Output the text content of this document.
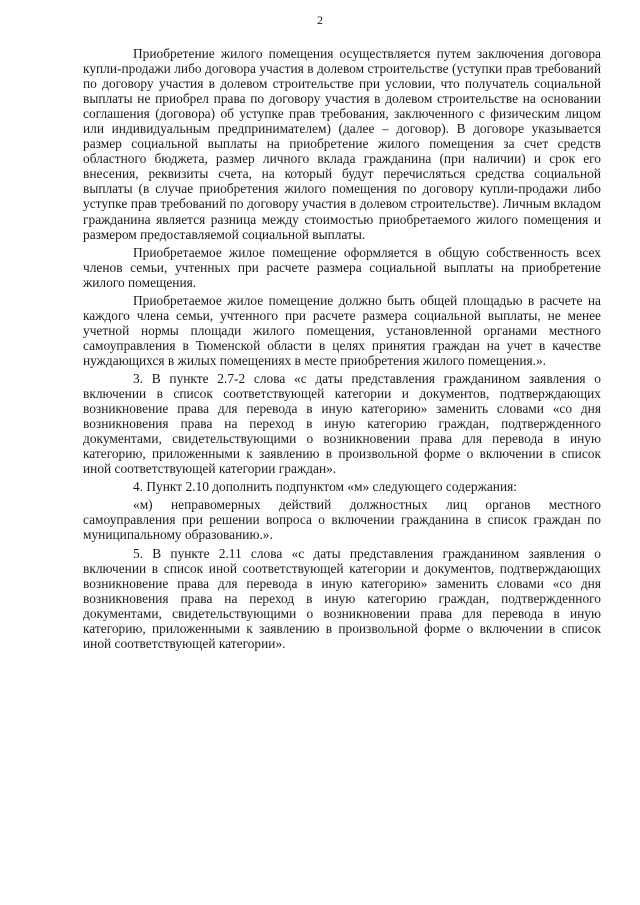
2

Приобретение жилого помещения осуществляется путем заключения договора купли-продажи либо договора участия в долевом строительстве (уступки прав требований по договору участия в долевом строительстве при условии, что получатель социальной выплаты не приобрел права по договору участия в долевом строительстве на основании соглашения (договора) об уступке прав требования, заключенного с физическим лицом или индивидуальным предпринимателем) (далее – договор). В договоре указывается размер социальной выплаты на приобретение жилого помещения за счет средств областного бюджета, размер личного вклада гражданина (при наличии) и срок его внесения, реквизиты счета, на который будут перечисляться средства социальной выплаты (в случае приобретения жилого помещения по договору купли-продажи либо уступке прав требований по договору участия в долевом строительстве). Личным вкладом гражданина является разница между стоимостью приобретаемого жилого помещения и размером предоставляемой социальной выплаты.

Приобретаемое жилое помещение оформляется в общую собственность всех членов семьи, учтенных при расчете размера социальной выплаты на приобретение жилого помещения.

Приобретаемое жилое помещение должно быть общей площадью в расчете на каждого члена семьи, учтенного при расчете размера социальной выплаты, не менее учетной нормы площади жилого помещения, установленной органами местного самоуправления в Тюменской области в целях принятия граждан на учет в качестве нуждающихся в жилых помещениях в месте приобретения жилого помещения.».

3. В пункте 2.7-2 слова «с даты представления гражданином заявления о включении в список соответствующей категории и документов, подтверждающих возникновение права для перевода в иную категорию» заменить словами «со дня возникновения права на переход в иную категорию граждан, подтвержденного документами, свидетельствующими о возникновении права для перевода в иную категорию, приложенными к заявлению в произвольной форме о включении в список иной соответствующей категории граждан».

4. Пункт 2.10 дополнить подпунктом «м» следующего содержания:

«м) неправомерных действий должностных лиц органов местного самоуправления при решении вопроса о включении гражданина в список граждан по муниципальному образованию.».

5. В пункте 2.11 слова «с даты представления гражданином заявления о включении в список иной соответствующей категории и документов, подтверждающих возникновение права для перевода в иную категорию» заменить словами «со дня возникновения права на переход в иную категорию граждан, подтвержденного документами, свидетельствующими о возникновении права для перевода в иную категорию, приложенными к заявлению в произвольной форме о включении в список иной соответствующей категории».
